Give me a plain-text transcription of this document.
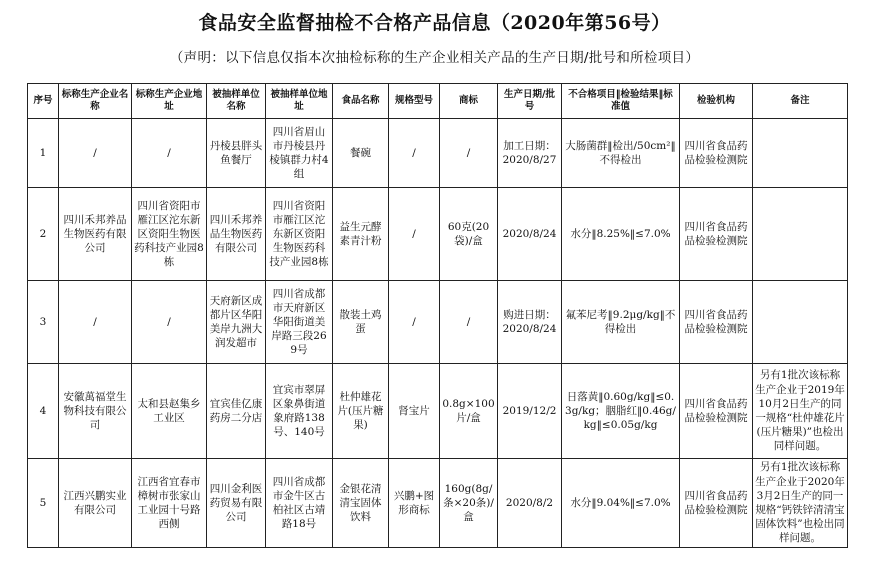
食品安全监督抽检不合格产品信息（2020年第56号）
（声明：以下信息仅指本次抽检标称的生产企业相关产品的生产日期/批号和所检项目）
序号	标称生产企业名称	标称生产企业地址	被抽样单位名称	被抽样单位地址	食品名称	规格型号	商标	生产日期/批号	不合格项目‖检验结果‖标准值	检验机构	备注
1	/	/	丹棱县胖头鱼餐厅	四川省眉山市丹棱县丹棱镇群力村4组	餐碗	/	/	加工日期：2020/8/27	大肠菌群‖检出/50cm²‖不得检出	四川省食品药品检验检测院	
2	四川禾邦养品生物医药有限公司	四川省资阳市雁江区沱东新区资阳生物医药科技产业园8栋	四川禾邦养品生物医药有限公司	四川省资阳市雁江区沱东新区资阳生物医药科技产业园8栋	益生元酵素青汁粉	/	60克(20袋)/盒	2020/8/24	水分‖8.25%‖≤7.0%	四川省食品药品检验检测院	
3	/	/	天府新区成都片区华阳美岸九洲大润发超市	四川省成都市天府新区华阳街道美岸路三段269号	散装土鸡蛋	/	/	购进日期：2020/8/24	氟苯尼考‖9.2μg/kg‖不得检出	四川省食品药品检验检测院	
4	安徽萬福堂生物科技有限公司	太和县赵集乡工业区	宜宾佳亿康药房二分店	宜宾市翠屏区象鼻街道象府路138号、140号	杜仲雄花片(压片糖果)	肾宝片	0.8g×100片/盒	2019/12/2	日落黄‖0.60g/kg‖≤0.3g/kg；胭脂红‖0.46g/kg‖≤0.05g/kg	四川省食品药品检验检测院	另有1批次该标称生产企业于2019年10月2日生产的同一规格“杜仲雄花片(压片糖果)”也检出同样问题。
5	江西兴鹏实业有限公司	江西省宜春市樟树市张家山工业园十号路西侧	四川金利医药贸易有限公司	四川省成都市金牛区古柏社区古靖路18号	金银花清清宝固体饮料	兴鹏+图形商标	160g(8g/条×20条)/盒	2020/8/2	水分‖9.04%‖≤7.0%	四川省食品药品检验检测院	另有1批次该标称生产企业于2020年3月2日生产的同一规格“钙铁锌清清宝固体饮料”也检出同样问题。
